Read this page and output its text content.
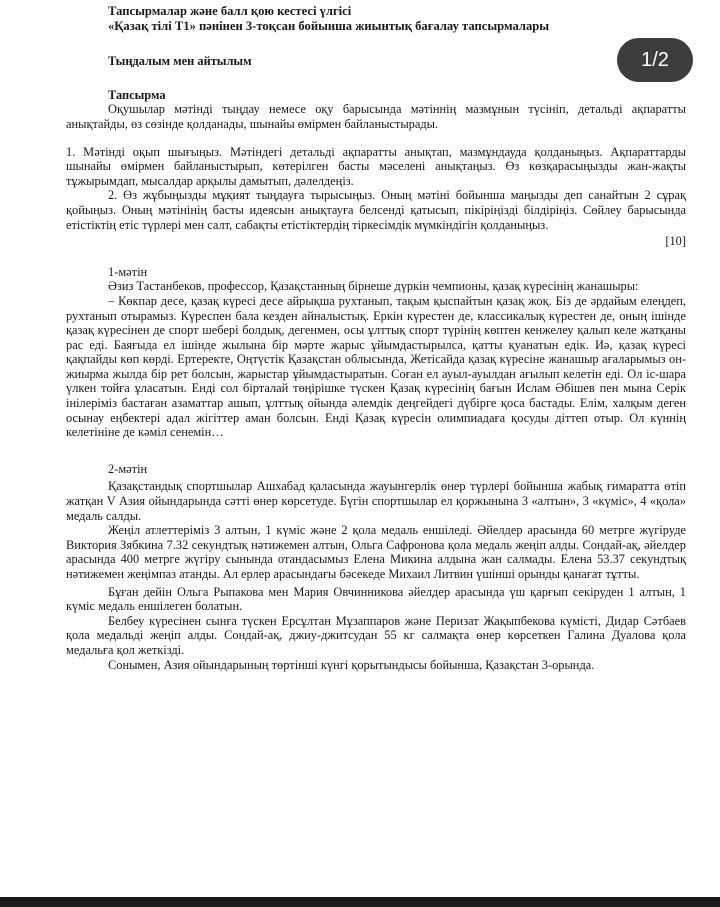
Тапсырмалар және балл қою кестесі үлгісі

«Қазақ тілі Т1» пәнінен 3-тоқсан бойынша жиынтық бағалау тапсырмалары

Тыңдалым мен айтылым

Тапсырма

Оқушылар мәтінді тыңдау немесе оқу барысында мәтіннің мазмұнын түсініп, детальді ақпаратты анықтайды, өз сөзінде қолданады, шынайы өмірмен байланыстырады.

1. Мәтінді оқып шығыңыз. Мәтіндегі детальді ақпаратты анықтап, мазмұндауда қолданыңыз. Ақпараттарды шынайы өмірмен байланыстырып, көтерілген басты мәселені анықтаңыз. Өз көзқарасыңызды жан-жақты тұжырымдап, мысалдар арқылы дамытып, дәлелдеңіз.

2. Өз жұбыңызды мұқият тыңдауға тырысыңыз. Оның мәтіні бойынша маңызды деп санайтын 2 сұрақ қойыңыз. Оның мәтінінің басты идеясын анықтауға белсенді қатысып, пікіріңізді білдіріңіз. Сөйлеу барысында етістіктің етіс түрлері мен салт, сабақты етістіктердің тіркесімдік мүмкіндігін қолданыңыз.

[10]

1-мәтін

Әзиз Тастанбеков, профессор, Қазақстанның бірнеше дүркін чемпионы, қазақ күресінің жанашыры:

– Көкпар десе, қазақ күресі десе айрықша рухтанып, тақым қыспайтын қазақ жоқ. Біз де әрдайым елеңдеп, рухтанып отырамыз. Күреспен бала кезден айналыстық. Еркін күрестен де, классикалық күрестен де, оның ішінде қазақ күресінен де спорт шеберi болдық, дегенмен, осы ұлттық спорт түрінің көптен кенжелеу қалып келе жатқаны рас еді. Баяғыда ел ішінде жылына бір мәрте жарыс ұйымдастырылса, қатты қуанатын едік. Иә, қазақ күресі қақпайды көп көрді. Ертеректе, Оңтүстік Қазақстан облысында, Жетісайда қазақ күресіне жанашыр ағаларымыз он-жиырма жылда бір рет болсын, жарыстар ұйымдастыратын. Соған ел ауыл-ауылдан ағылып келетін еді. Ол іс-шара үлкен тойға ұласатын. Енді сол бірталай төңірішке түскен Қазақ күресінің бағын Ислам Әбішев пен мына Серік інілеріміз бастаған азаматтар ашып, ұлттық ойында әлемдік деңгейдегі дүбірге қоса бастады. Елім, халқым деген осынау еңбектері адал жігіттер аман болсын. Енді Қазақ күресін олимпиадаға қосуды діттеп отыр. Ол күннің келетініне де кәміл сенемін…

2-мәтін

Қазақстандық спортшылар Ашхабад қаласында жауынгерлік өнер түрлері бойынша жабық ғимаратта өтіп жатқан V Азия ойындарында сәтті өнер көрсетуде. Бүгін спортшылар ел қоржынына 3 «алтын», 3 «күміс», 4 «қола» медаль салды.

Жеңіл атлеттеріміз 3 алтын, 1 күміс және 2 қола медаль еншіледі. Әйелдер арасында 60 метрге жүгіруде Виктория Зябкина 7.32 секундтық нәтижемен алтын, Ольга Сафронова қола медаль жеңіп алды. Сондай-ақ, әйелдер арасында 400 метрге жүгіру сынында отандасымыз Елена Микина алдына жан салмады. Елена 53.37 секундтық нәтижемен жеңімпаз атанды. Ал ерлер арасындағы бәсекеде Михаил Литвин үшінші орынды қанағат тұтты.

Бұған дейін Ольга Рыпакова мен Мария Овчинникова әйелдер арасында үш қарғып секіруден 1 алтын, 1 күміс медаль еншілеген болатын.

Белбеу күресінен сынға түскен Ерсұлтан Мұзаппаров және Перизат Жақыпбекова күмісті, Дидар Сәтбаев қола медальді жеңіп алды. Сондай-ақ, джиу-джитсудан 55 кг салмақта өнер көрсеткен Галина Дуалова қола медальға қол жеткізді.

Сонымен, Азия ойындарының төртінші күнгі қорытындысы бойынша, Қазақстан 3-орында.

1/2
